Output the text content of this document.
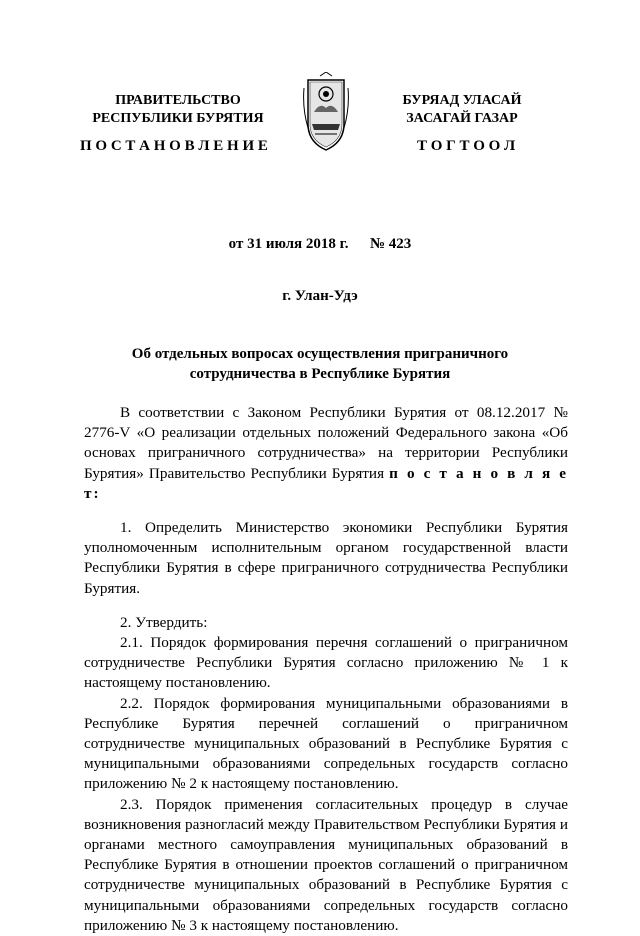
ПРАВИТЕЛЬСТВО
РЕСПУБЛИКИ БУРЯТИЯ
БУРЯАД УЛАСАЙ
ЗАСАГАЙ ГАЗАР
П О С Т А Н О В Л Е Н И Е	Т О Г Т О О Л
от 31 июля 2018 г. № 423
г. Улан-Удэ
Об отдельных вопросах осуществления приграничного
сотрудничества в Республике Бурятия

В соответствии с Законом Республики Бурятия от 08.12.2017 № 2776-V «О реализации отдельных положений Федерального закона «Об основах приграничного сотрудничества» на территории Республики Бурятия» Правительство Республики Бурятия п о с т а н о в л я е т:

1. Определить Министерство экономики Республики Бурятия уполномоченным исполнительным органом государственной власти Республики Бурятия в сфере приграничного сотрудничества Республики Бурятия.

2. Утвердить:

2.1. Порядок формирования перечня соглашений о приграничном сотрудничестве Республики Бурятия согласно приложению № 1 к настоящему постановлению.

2.2. Порядок формирования муниципальными образованиями в Республике Бурятия перечней соглашений о приграничном сотрудничестве муниципальных образований в Республике Бурятия с муниципальными образованиями сопредельных государств согласно приложению № 2 к настоящему постановлению.

2.3. Порядок применения согласительных процедур в случае возникновения разногласий между Правительством Республики Бурятия и органами местного самоуправления муниципальных образований в Республике Бурятия в отношении проектов соглашений о приграничном сотрудничестве муниципальных образований в Республике Бурятия с муниципальными образованиями сопредельных государств согласно приложению № 3 к настоящему постановлению.
